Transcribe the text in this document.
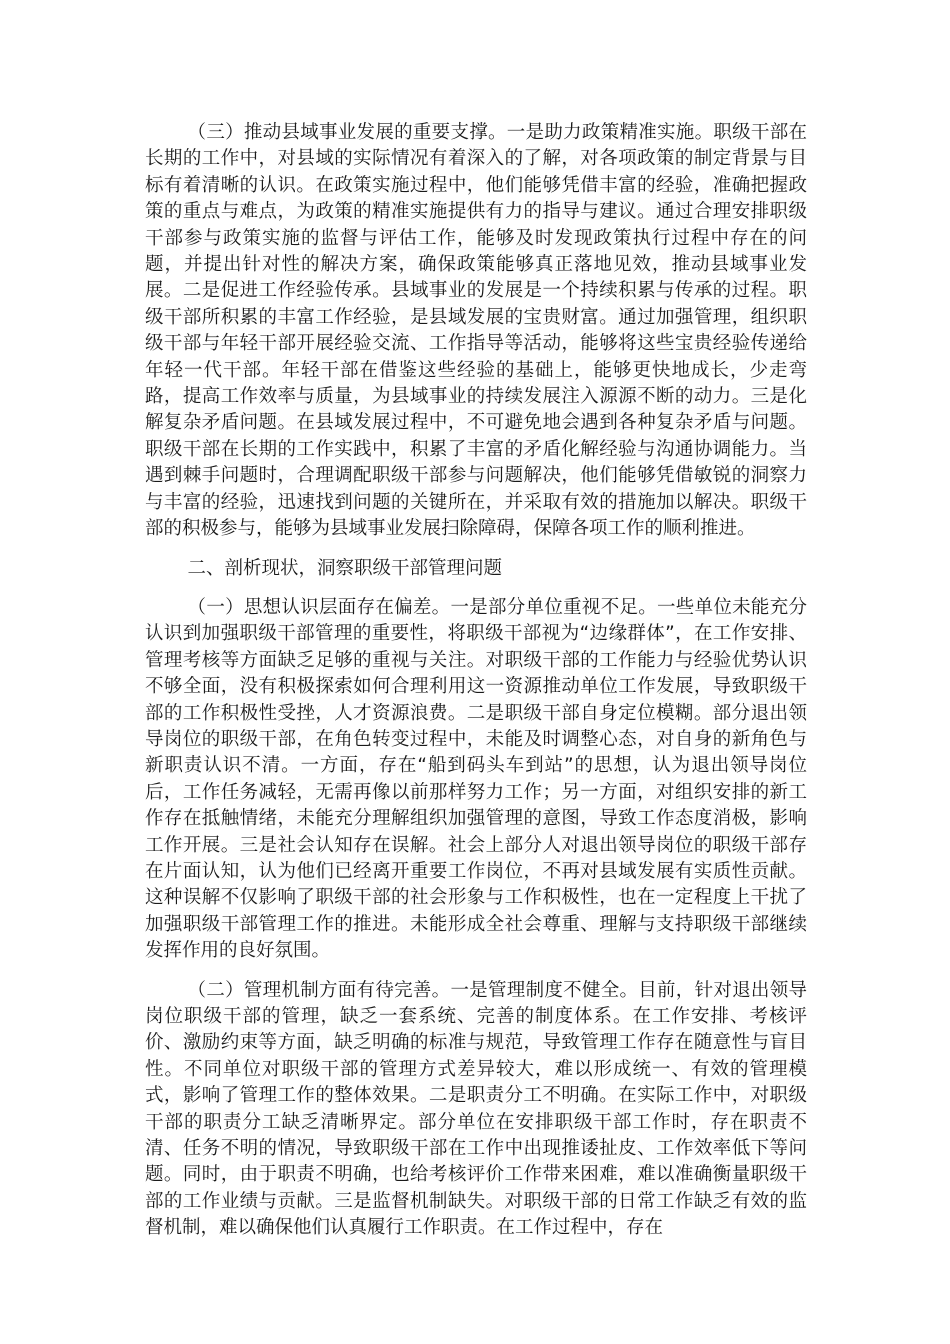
（三）推动县域事业发展的重要支撑。一是助力政策精准实施。职级干部在长期的工作中，对县域的实际情况有着深入的了解，对各项政策的制定背景与目标有着清晰的认识。在政策实施过程中，他们能够凭借丰富的经验，准确把握政策的重点与难点，为政策的精准实施提供有力的指导与建议。通过合理安排职级干部参与政策实施的监督与评估工作，能够及时发现政策执行过程中存在的问题，并提出针对性的解决方案，确保政策能够真正落地见效，推动县域事业发展。二是促进工作经验传承。县域事业的发展是一个持续积累与传承的过程。职级干部所积累的丰富工作经验，是县域发展的宝贵财富。通过加强管理，组织职级干部与年轻干部开展经验交流、工作指导等活动，能够将这些宝贵经验传递给年轻一代干部。年轻干部在借鉴这些经验的基础上，能够更快地成长，少走弯路，提高工作效率与质量，为县域事业的持续发展注入源源不断的动力。三是化解复杂矛盾问题。在县域发展过程中，不可避免地会遇到各种复杂矛盾与问题。职级干部在长期的工作实践中，积累了丰富的矛盾化解经验与沟通协调能力。当遇到棘手问题时，合理调配职级干部参与问题解决，他们能够凭借敏锐的洞察力与丰富的经验，迅速找到问题的关键所在，并采取有效的措施加以解决。职级干部的积极参与，能够为县域事业发展扫除障碍，保障各项工作的顺利推进。

二、剖析现状，洞察职级干部管理问题

（一）思想认识层面存在偏差。一是部分单位重视不足。一些单位未能充分认识到加强职级干部管理的重要性，将职级干部视为“边缘群体”，在工作安排、管理考核等方面缺乏足够的重视与关注。对职级干部的工作能力与经验优势认识不够全面，没有积极探索如何合理利用这一资源推动单位工作发展，导致职级干部的工作积极性受挫，人才资源浪费。二是职级干部自身定位模糊。部分退出领导岗位的职级干部，在角色转变过程中，未能及时调整心态，对自身的新角色与新职责认识不清。一方面，存在“船到码头车到站”的思想，认为退出领导岗位后，工作任务减轻，无需再像以前那样努力工作；另一方面，对组织安排的新工作存在抵触情绪，未能充分理解组织加强管理的意图，导致工作态度消极，影响工作开展。三是社会认知存在误解。社会上部分人对退出领导岗位的职级干部存在片面认知，认为他们已经离开重要工作岗位，不再对县域发展有实质性贡献。这种误解不仅影响了职级干部的社会形象与工作积极性，也在一定程度上干扰了加强职级干部管理工作的推进。未能形成全社会尊重、理解与支持职级干部继续发挥作用的良好氛围。

（二）管理机制方面有待完善。一是管理制度不健全。目前，针对退出领导岗位职级干部的管理，缺乏一套系统、完善的制度体系。在工作安排、考核评价、激励约束等方面，缺乏明确的标准与规范，导致管理工作存在随意性与盲目性。不同单位对职级干部的管理方式差异较大，难以形成统一、有效的管理模式，影响了管理工作的整体效果。二是职责分工不明确。在实际工作中，对职级干部的职责分工缺乏清晰界定。部分单位在安排职级干部工作时，存在职责不清、任务不明的情况，导致职级干部在工作中出现推诿扯皮、工作效率低下等问题。同时，由于职责不明确，也给考核评价工作带来困难，难以准确衡量职级干部的工作业绩与贡献。三是监督机制缺失。对职级干部的日常工作缺乏有效的监督机制，难以确保他们认真履行工作职责。在工作过程中，存在
